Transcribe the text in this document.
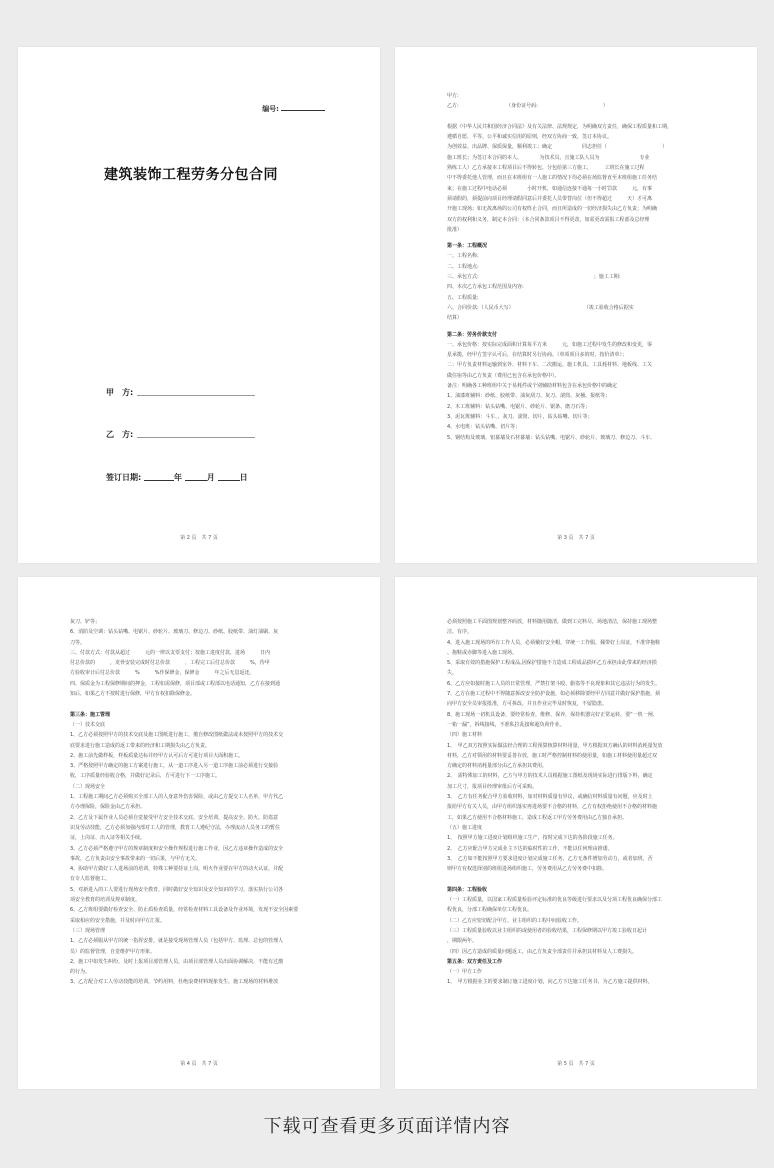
编号:
建筑装饰工程劳务分包合同
甲　方:
乙　方:
签订日期:	年	月	日
第 2 页　共 7 页
甲方:
乙方:　　　　　　　　　　（身份证号码:　　　　　　　　　　　　　）

根据《中华人民共和国经济合同法》及有关法律、法规规定，为明确双方责任，确保工程质量和工期，
遵循自愿、平等、公平和诚实信用的原则，经双方协商一致，签订本协议。
为创效益、出品牌、保质保量，顺利竣工；确定　　　　　　同志担任（　　　　　　　　　　　）
施工班长；为签订本合同的本人、　　　　为技术员、且施工队人员为　　　　　　　　专业
熟练工人）乙方承接本工程项目后不得转包、分包给第三方施工，　　　工班长在施工过程
中不得委托他人管理，而且在本班组有一人施工的情况下均必须在场监督直至本班组施工任务结
束；在施工过程中电话必须　　　　小时开机，如通信连接不通每一小时罚款　　　元，有事
须请假的，须提前向项目经理请假同意后并委托人员带替岗位（但不得超过　　　天）才可离
开施工现场；如无故离场的公司有权终止合同，而且所造成的一切经济损失由乙方负责；为明确
双方的权利和义务，制定本合同：（本合同条款项目不得更改，如需更改需报工程部及总经理
批准）
第一条：工程概况
一、工程名称:
二、工程地点:
三、承包方式:　　　　　　　　　　　　　　　　　　　　　　　；施工工期:
四、本次乙方承包工程范围及内容:
五、工程质量:
六、合同价款:（人民币大写）　　　　　　　　　　　　　　　（竣工验收合格后据实
结算）
第二条：劳务价款支付
一、承包价格：按实际完成面积计算每平方米　　　元，如施工过程中发生的修改和变更，零
星承揽，经甲方签字认可后，在结算时另行协商。（单项项目多的时，按价清单）；
二：甲方负责材料运输到室外、材料下车、二次搬运、施工机具、工具耗材料、地板线、工关
做住宿等由乙方负责（费用已包含在承包价格中）。
备注：明确各工种班组中关于易耗件或个别辅助材料包含在承包价格中的确定
1、油漆班辅料：砂纸、胶纸带、油灰刮刀、灰刀、滚筒、灰桶、报纸等；
2、木工班辅料：钻头钻嘴、电锯片、砂轮片、锯条、磨刀石等；
3、泥瓦班辅料：斗车、、灰刀、滚筒、切片、钻头钻嘴、切片等；
4、水电班：钻头钻嘴、切片等；
5、钢结构及玻璃、铝幕墙及石材幕墙：钻头钻嘴、电锯片、砂轮片、玻璃刀、修边刀、斗车、
第 3 页　共 7 页
灰刀、铲等；
6、消防及空调：钻头钻嘴、电锯片、砂轮片、玻璃刀、修边刀、砂纸、胶纸带、油灯油刷、灰
刀等。
三、付款方式：付款从超过　　　元的一律以支票支付；按施工进度付款，进场　　　日内
付总价款的　　　，龙骨安装完成时付总价款　　　，工程完工后付总价款　　　%，待甲
方验收审计后付总价款　　　%　　　%作保修金，保修金　　　年之后无息返还。
四、保质金为工程保修期间的押金，工程如需保修，项目部或工程部以电话通知，乙方在接到通
知后，如果乙方不按时进行保修，甲方有权扣除保修金。

第三条：施工管理
（一）技术交底
1、乙方必须按照甲方的技术交底及施工图纸进行施工，擅自修改图纸做法或未按照甲方的技术交
底要求进行施工造成的返工带来的经济和工期损失由乙方负责。
2、施工前先做样板，样板质量达标并经甲方认可后方可进行项目大面积施工。
3、严格按照甲方确定的施工方案进行施工，从一道工序进入另一道工序施工前必须进行交接验
收，工序质量经验收合格，并做好记录后，方可进行下一工序施工。
（二）现场安全
1、工程施工期间乙方必须购买全部工人的人身意外伤害保险，或由乙方提交工人名单，甲方代乙
方办理保险，保险金由乙方承担。
2、乙方及下属作业人员必须自觉接受甲方安全技术交底、安全培训，提高安全、防火、防盗意
识及劳动技能，乙方必须加强内部对工人的管理，教育工人遵纪守法，办理流动人员务工的暂住
证，上岗证、出入证等相关手续。
3、乙方必须严格遵守甲方的规章制度和安全操作规程进行施工作业，因乙方违章操作造成的安全
事故，乙方负责由安全事故带来的一切后果，与甲方无关。
4、协助甲方做好工人进场前的培训，特殊工种要持证上岗，明火作业要在甲方的动火认证，并配
有专人监督施工。
5、对新进入的工人要进行现场安全教育，同时做好安全知识及安全知识的学习，落实执行公司各
项安全教育的培训及规章制度。
6、乙方班组要做好检查安全、防止质检查质量，经常检查材料工具设备及作业环境，发现不安全因素要
采取相应的安全措施，并及时向甲方汇报。
（三）现场管理
1、乙方必须服从甲方的统一指挥安排，就是接受现场管理人员（包括甲方、监理、总包的管理人
员）的监督管理，自觉维护甲方形象。
2、施工中如发生纠纷，及时上报项目部管理人员，由项目部管理人员出面协调解决，不能有过激
的行为。
3、乙方配合对工人劳动技能的培训，节约用料，杜绝浪费材料现象发生，施工现场的材料堆放
第 4 页　共 7 页
必须按照施工平面图规划整齐码放，材料随用随清，做到工完料尽，场地清洁，保持施工现场整
洁、有序。
4、进入施工现场的所有工作人员，必须戴好安全帽，穿统一工作服，佩带好上岗证，不准穿拖鞋
、拖鞋或赤脚等进入施工现场。
5、采取有效的措施保护工程成品,因保护措施不力造成工程成品损坏乙方承担由此带来的经济损
失。
6、乙方应如接时施工人员的日常管理，严禁打架斗殴、偷盗等不良现象和其它违法行为的发生。
7、乙方在施工过程中不得随意拆改安全防护设施，如必须移除要经甲方同意并做好保护措施，须
向甲方安全员审报批准，方可拆改，并且作业完毕及时恢复，不留隐患。
8、施工现场一切机具设备，要经常检查，维修、保养，保持机器完好正常运转，要“一机一闸、
一箱一漏”，拆线接线，不准私拉乱接和超负荷作业。
（四）施工材料
1、　甲乙双方按照实际做法经合理的工程预算核算材料用量，甲方根据双方确认的材料消耗量发放
材料，乙方对领用的材料要妥善存放，施工时严格控制材料的使用量，如施工材料使用量超过双
方确定的材料消耗量部分由乙方承担其费用。
2、　需特殊加工的材料，乙方与甲方的技术人员根据施工图纸及现场实际进行排版下料，确定
加工尺寸，报项目经理审批后方可采购。
3、　乙方有任务配合甲方验收材料，如对材料质量有异议，或确信材料质量有问题，应及时上
报给甲方有关人员，由甲方组织落实再进场要不合格的材料，乙方有权拒绝使用不合格的材料施
工，如果乙方使用不合格材料施工，造成工程返工甲方劳务费用由乙方独自承担。
（五）施工进度
1、　按照甲方施工进度计划组织施工生产，按时完成下达的各阶段施工任务。
2、　乙方应配合甲方完成业主下达的临时性的工作，不能以任何理由推诿。
3、　乙方如不能按照甲方要求进度计划完成施工任务，乙方无条件增加劳动力，或者加班，否
则甲方有权选择别的班组进场组织施工，劳务费用从乙方劳务费中扣除。

第四条：工程验收
（一）工程质量，以国家工程质量检验评定标准的优良等级进行要求以及分项工程优良确保分部工
程优良，分部工程确保单位工程优良。
（二）乙方应密切配合甲方、业主组织的工程中间验收工作。
（三）工程质量验收以业主组织的或使用者的验收结果，工程保修期以甲方竣工验收日起计
，期限两年。
（四）因乙方造成的质量问题返工，由乙方负责全部责任并承担其材料及人工费损失。
第五条：双方责任及工作
（一）甲方工作
1、　甲方根据业主的要求制订施工进度计划，向乙方下达施工任务书，为乙方施工提供材料。
第 5 页　共 7 页
下载可查看更多页面详情内容
